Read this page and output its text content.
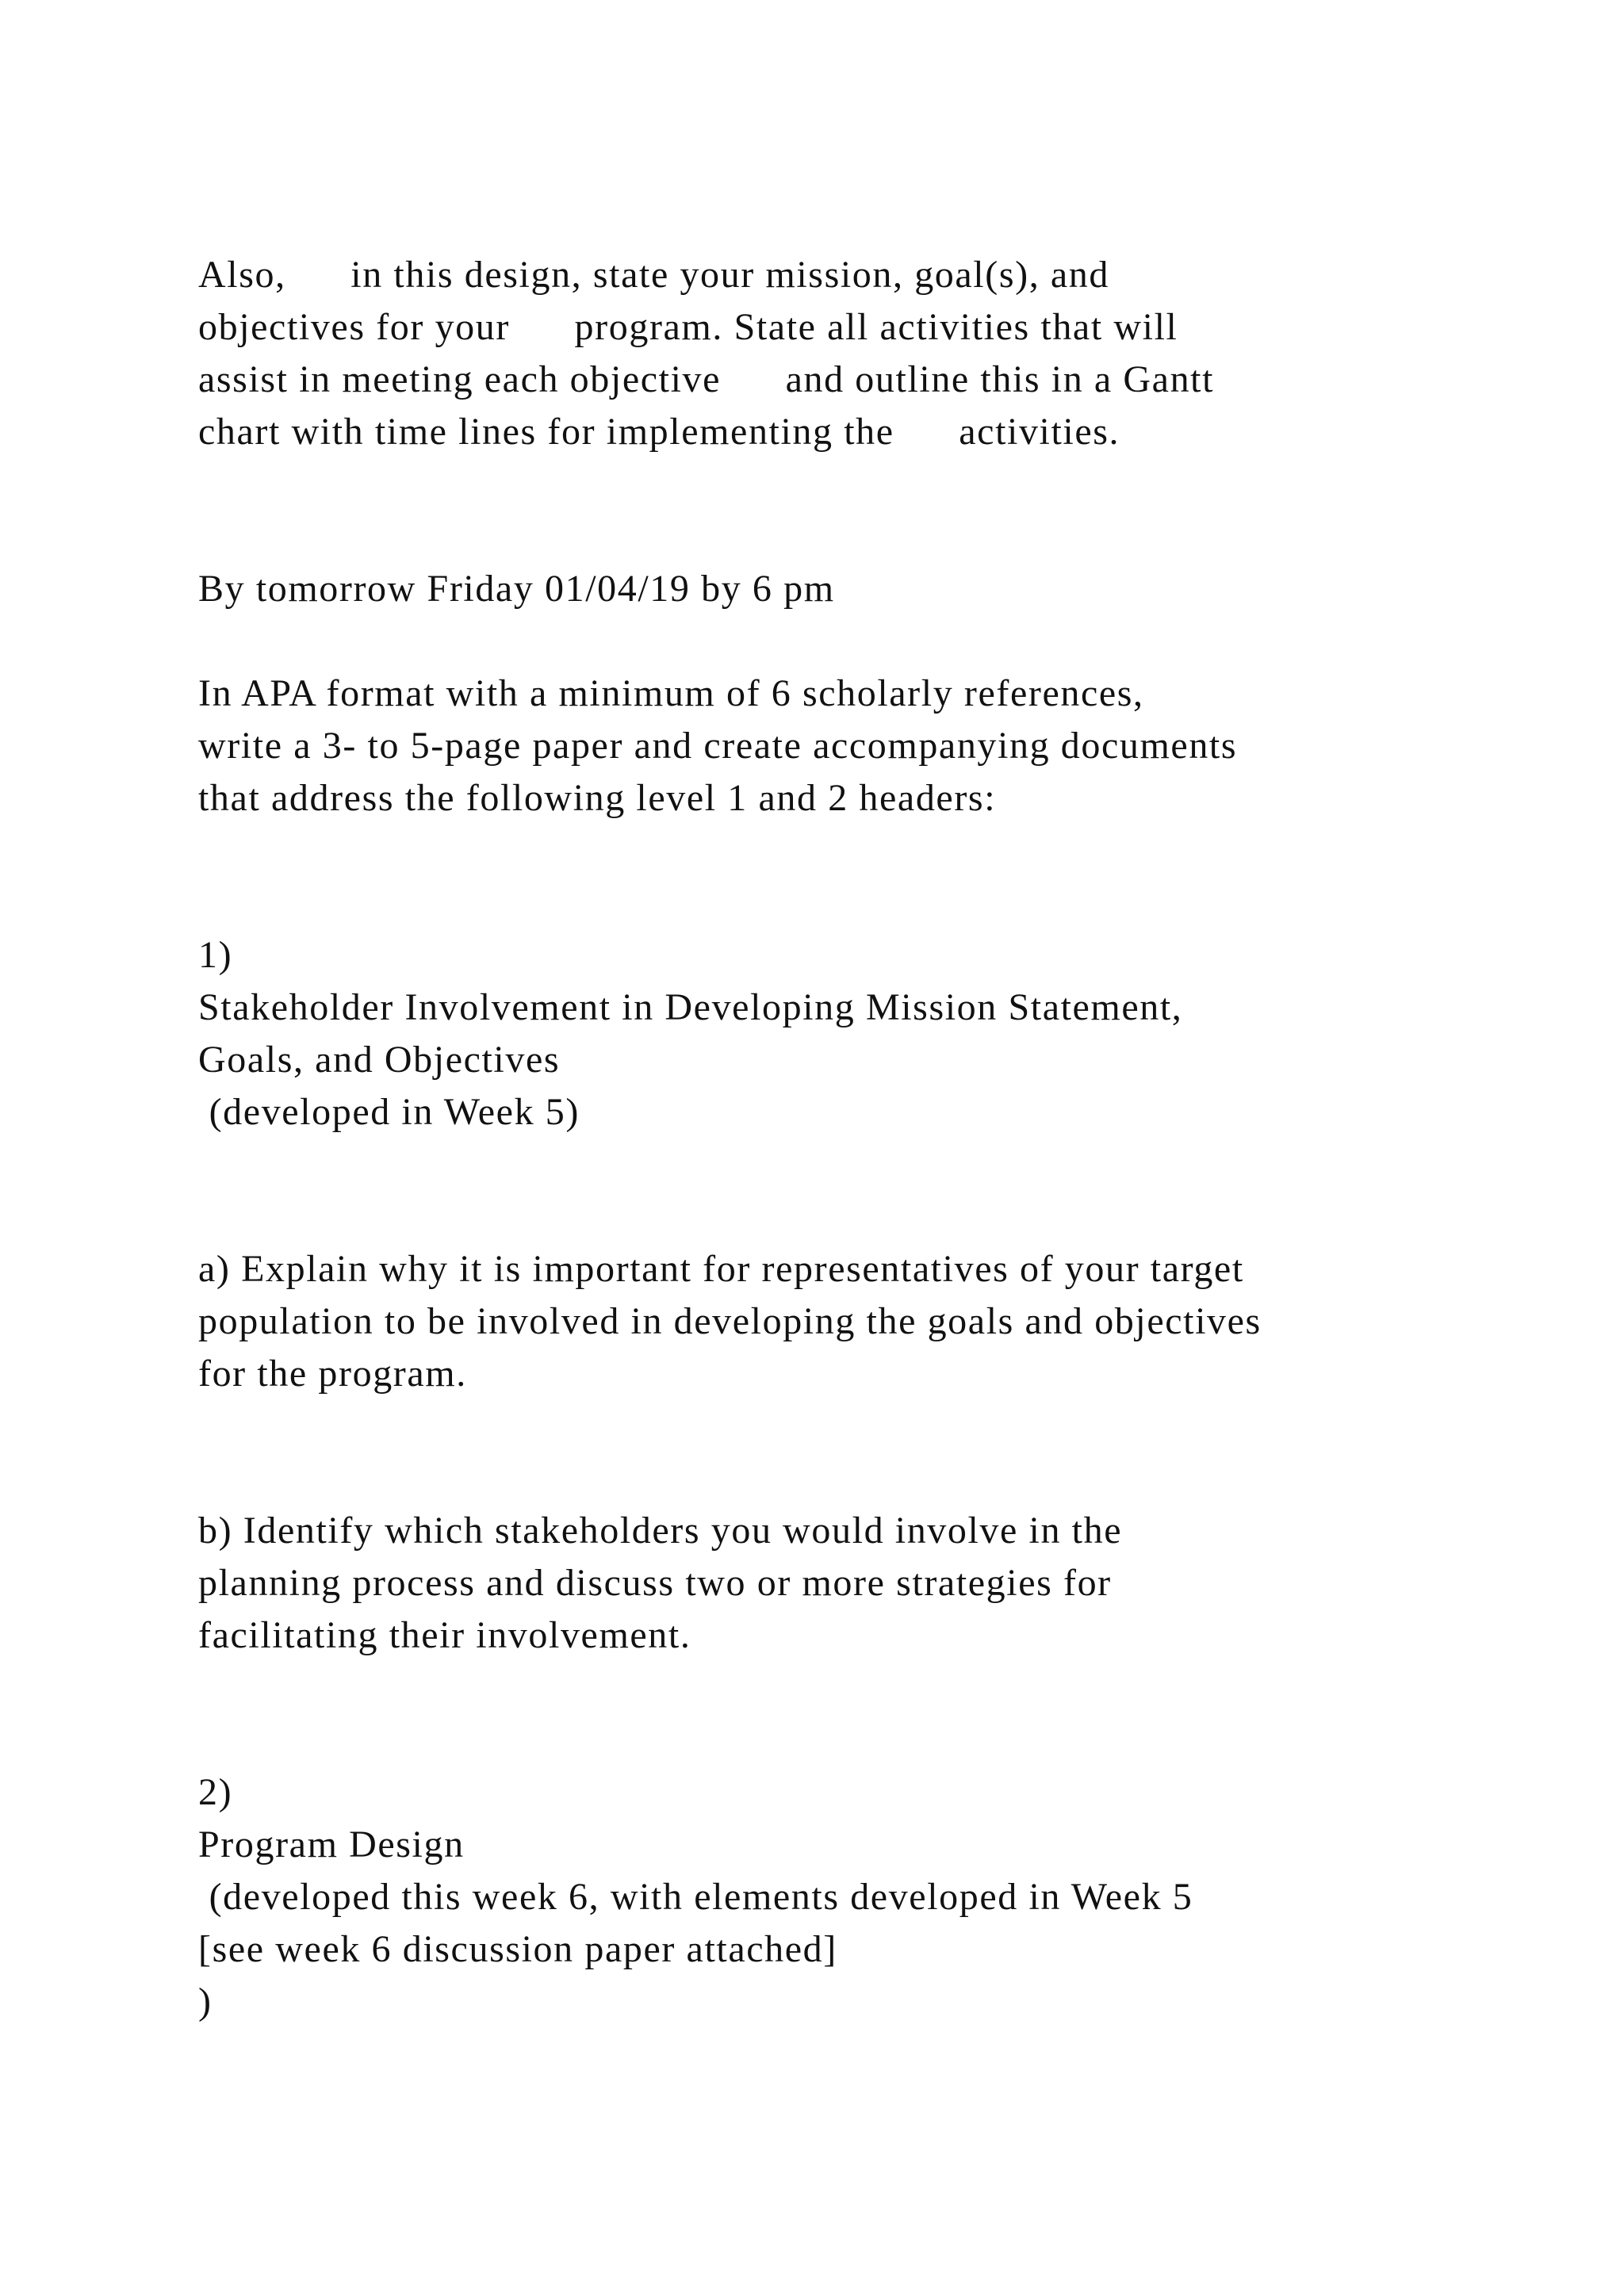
Also,      in this design, state your mission, goal(s), and

objectives for your      program. State all activities that will

assist in meeting each objective      and outline this in a Gantt

chart with time lines for implementing the      activities.

By tomorrow Friday 01/04/19 by 6 pm

In APA format with a minimum of 6 scholarly references,

write a 3- to 5-page paper and create accompanying documents

that address the following level 1 and 2 headers:

1)

Stakeholder Involvement in Developing Mission Statement,

Goals, and Objectives

(developed in Week 5)

a) Explain why it is important for representatives of your target

population to be involved in developing the goals and objectives

for the program.

b) Identify which stakeholders you would involve in the

planning process and discuss two or more strategies for

facilitating their involvement.

2)

Program Design

(developed this week 6, with elements developed in Week 5

[see week 6 discussion paper attached]

)
